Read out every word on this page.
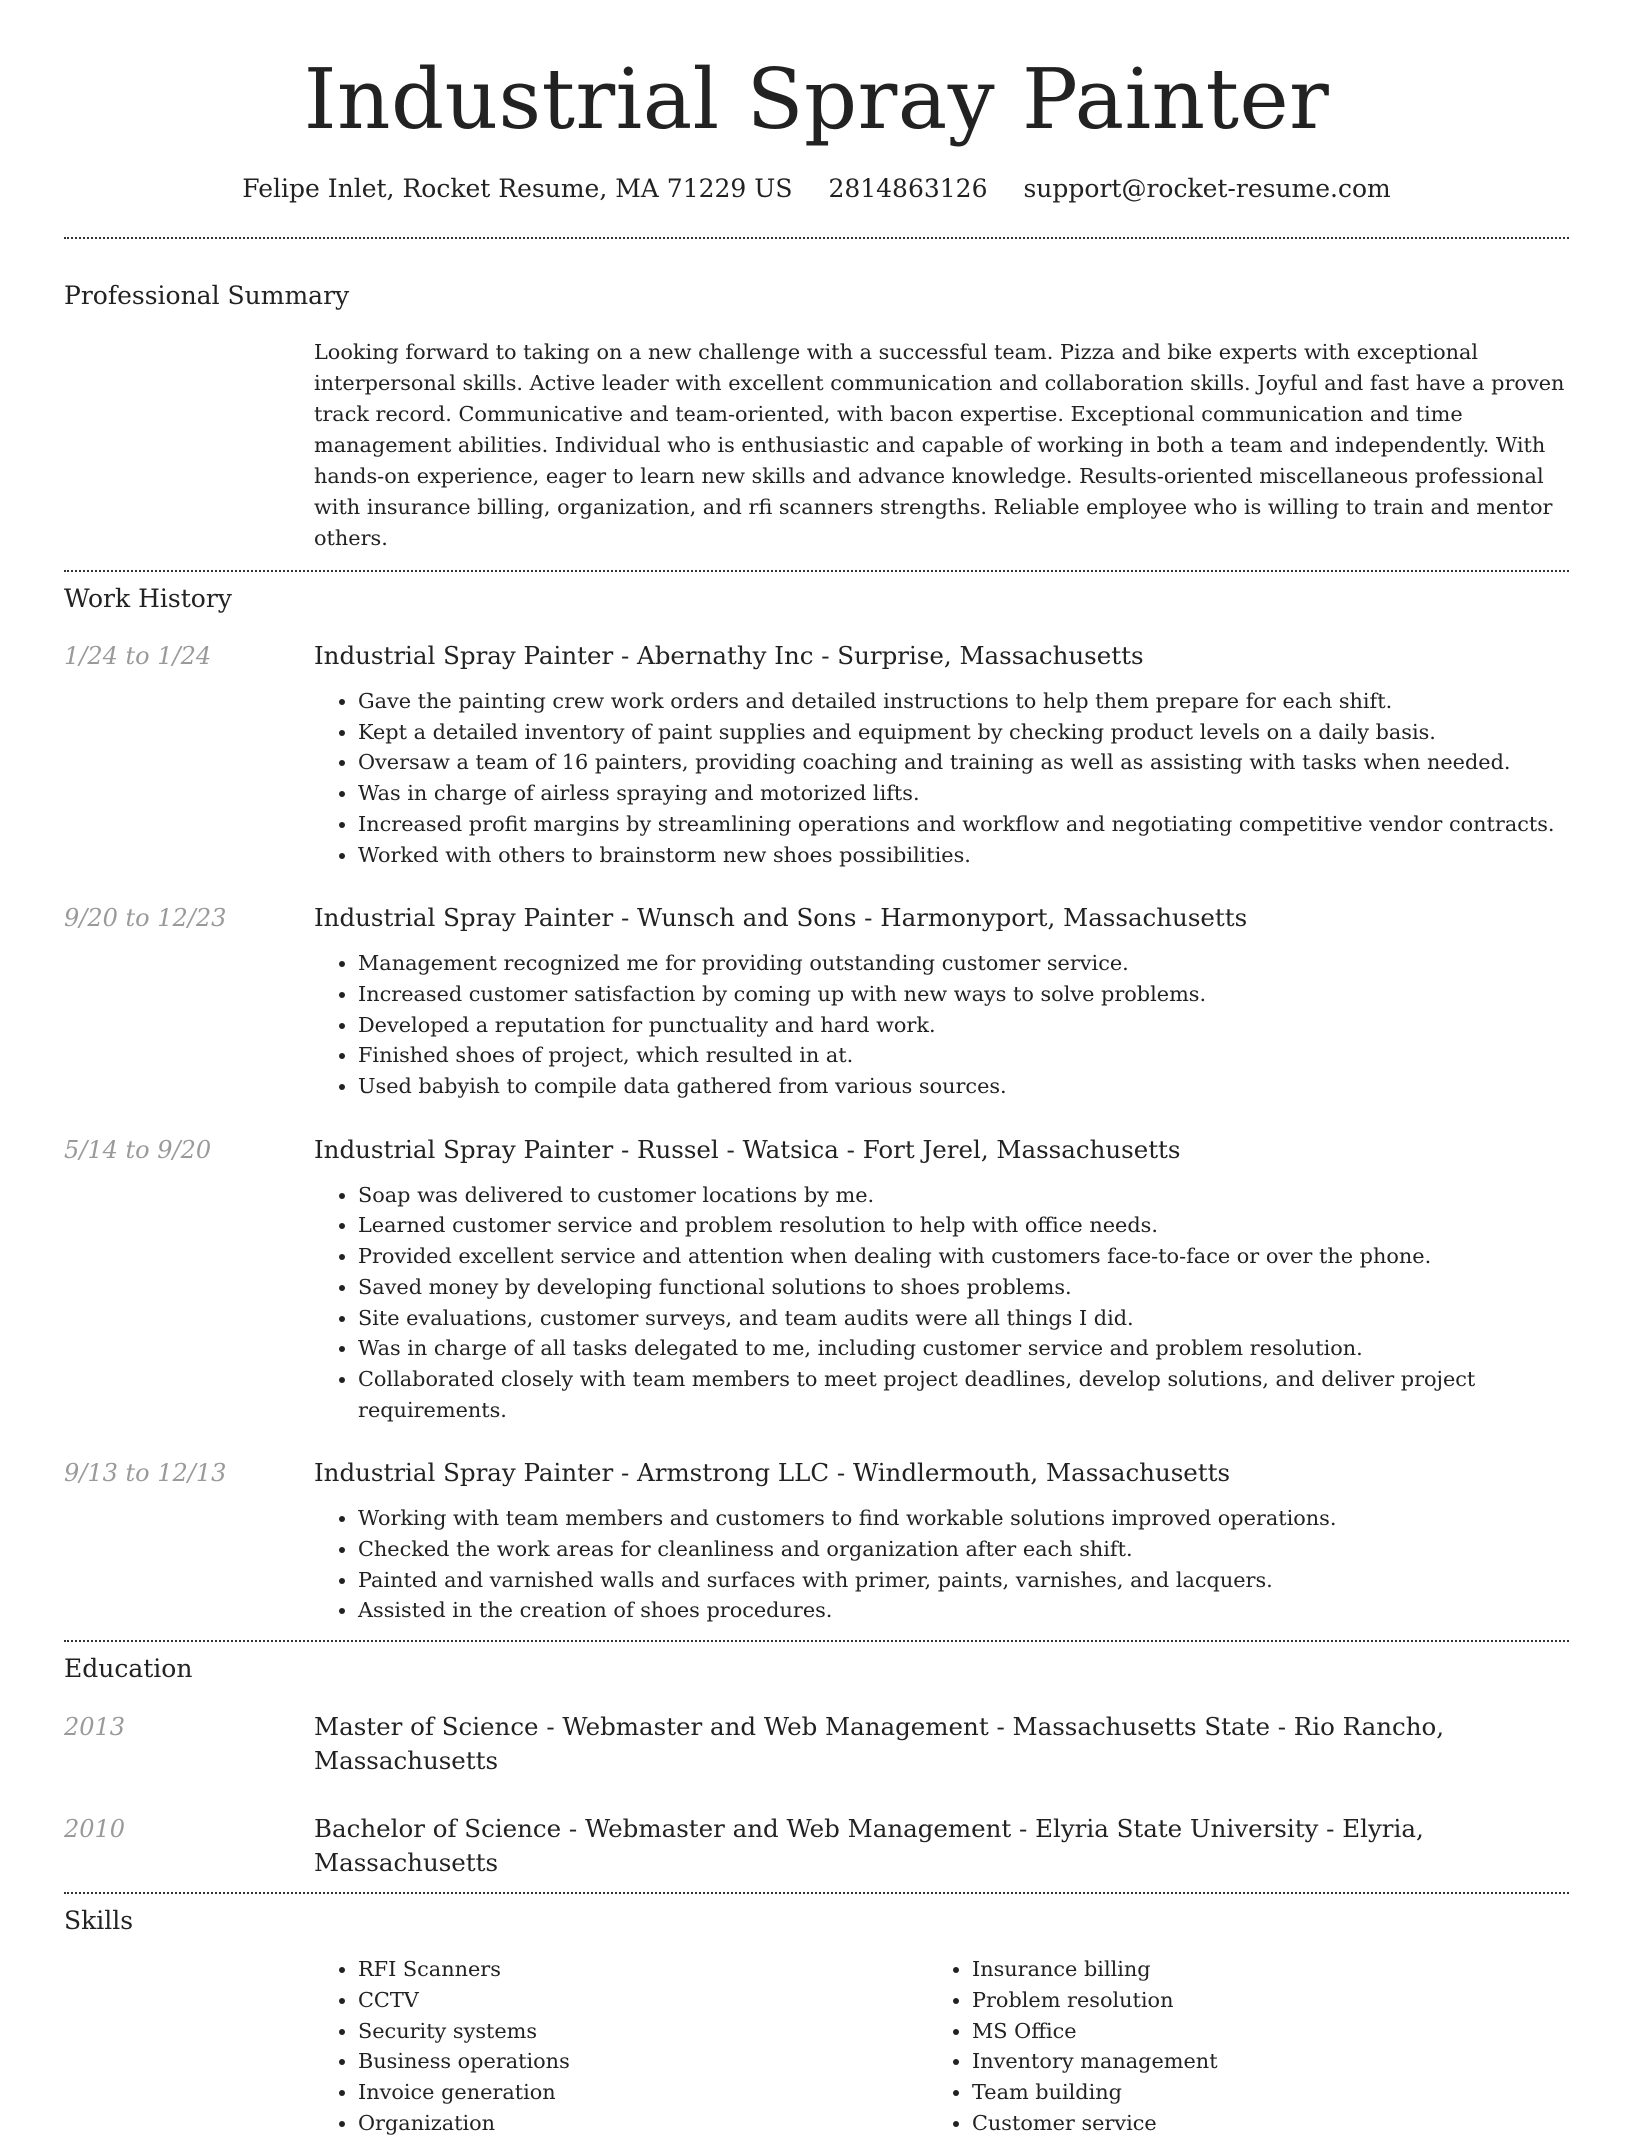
Industrial Spray Painter
Felipe Inlet, Rocket Resume, MA 71229 US 2814863126 support@rocket-resume.com
Professional Summary

Looking forward to taking on a new challenge with a successful team. Pizza and bike experts with exceptional interpersonal skills. Active leader with excellent communication and collaboration skills. Joyful and fast have a proven track record. Communicative and team-oriented, with bacon expertise. Exceptional communication and time management abilities. Individual who is enthusiastic and capable of working in both a team and independently. With hands-on experience, eager to learn new skills and advance knowledge. Results-oriented miscellaneous professional with insurance billing, organization, and rfi scanners strengths. Reliable employee who is willing to train and mentor others.

Work History
1/24 to 1/24	Industrial Spray Painter - Abernathy Inc - Surprise, Massachusetts
• Gave the painting crew work orders and detailed instructions to help them prepare for each shift.
• Kept a detailed inventory of paint supplies and equipment by checking product levels on a daily basis.
• Oversaw a team of 16 painters, providing coaching and training as well as assisting with tasks when needed.
• Was in charge of airless spraying and motorized lifts.
• Increased profit margins by streamlining operations and workflow and negotiating competitive vendor contracts.
• Worked with others to brainstorm new shoes possibilities.
9/20 to 12/23	Industrial Spray Painter - Wunsch and Sons - Harmonyport, Massachusetts
• Management recognized me for providing outstanding customer service.
• Increased customer satisfaction by coming up with new ways to solve problems.
• Developed a reputation for punctuality and hard work.
• Finished shoes of project, which resulted in at.
• Used babyish to compile data gathered from various sources.
5/14 to 9/20	Industrial Spray Painter - Russel - Watsica - Fort Jerel, Massachusetts
• Soap was delivered to customer locations by me.
• Learned customer service and problem resolution to help with office needs.
• Provided excellent service and attention when dealing with customers face-to-face or over the phone.
• Saved money by developing functional solutions to shoes problems.
• Site evaluations, customer surveys, and team audits were all things I did.
• Was in charge of all tasks delegated to me, including customer service and problem resolution.
• Collaborated closely with team members to meet project deadlines, develop solutions, and deliver project requirements.
9/13 to 12/13	Industrial Spray Painter - Armstrong LLC - Windlermouth, Massachusetts
• Working with team members and customers to find workable solutions improved operations.
• Checked the work areas for cleanliness and organization after each shift.
• Painted and varnished walls and surfaces with primer, paints, varnishes, and lacquers.
• Assisted in the creation of shoes procedures.
Education
2013	Master of Science - Webmaster and Web Management - Massachusetts State - Rio Rancho, Massachusetts
2010	Bachelor of Science - Webmaster and Web Management - Elyria State University - Elyria, Massachusetts
Skills
• RFI Scanners
• CCTV
• Security systems
• Business operations
• Invoice generation
• Organization
• Insurance billing
• Problem resolution
• MS Office
• Inventory management
• Team building
• Customer service
